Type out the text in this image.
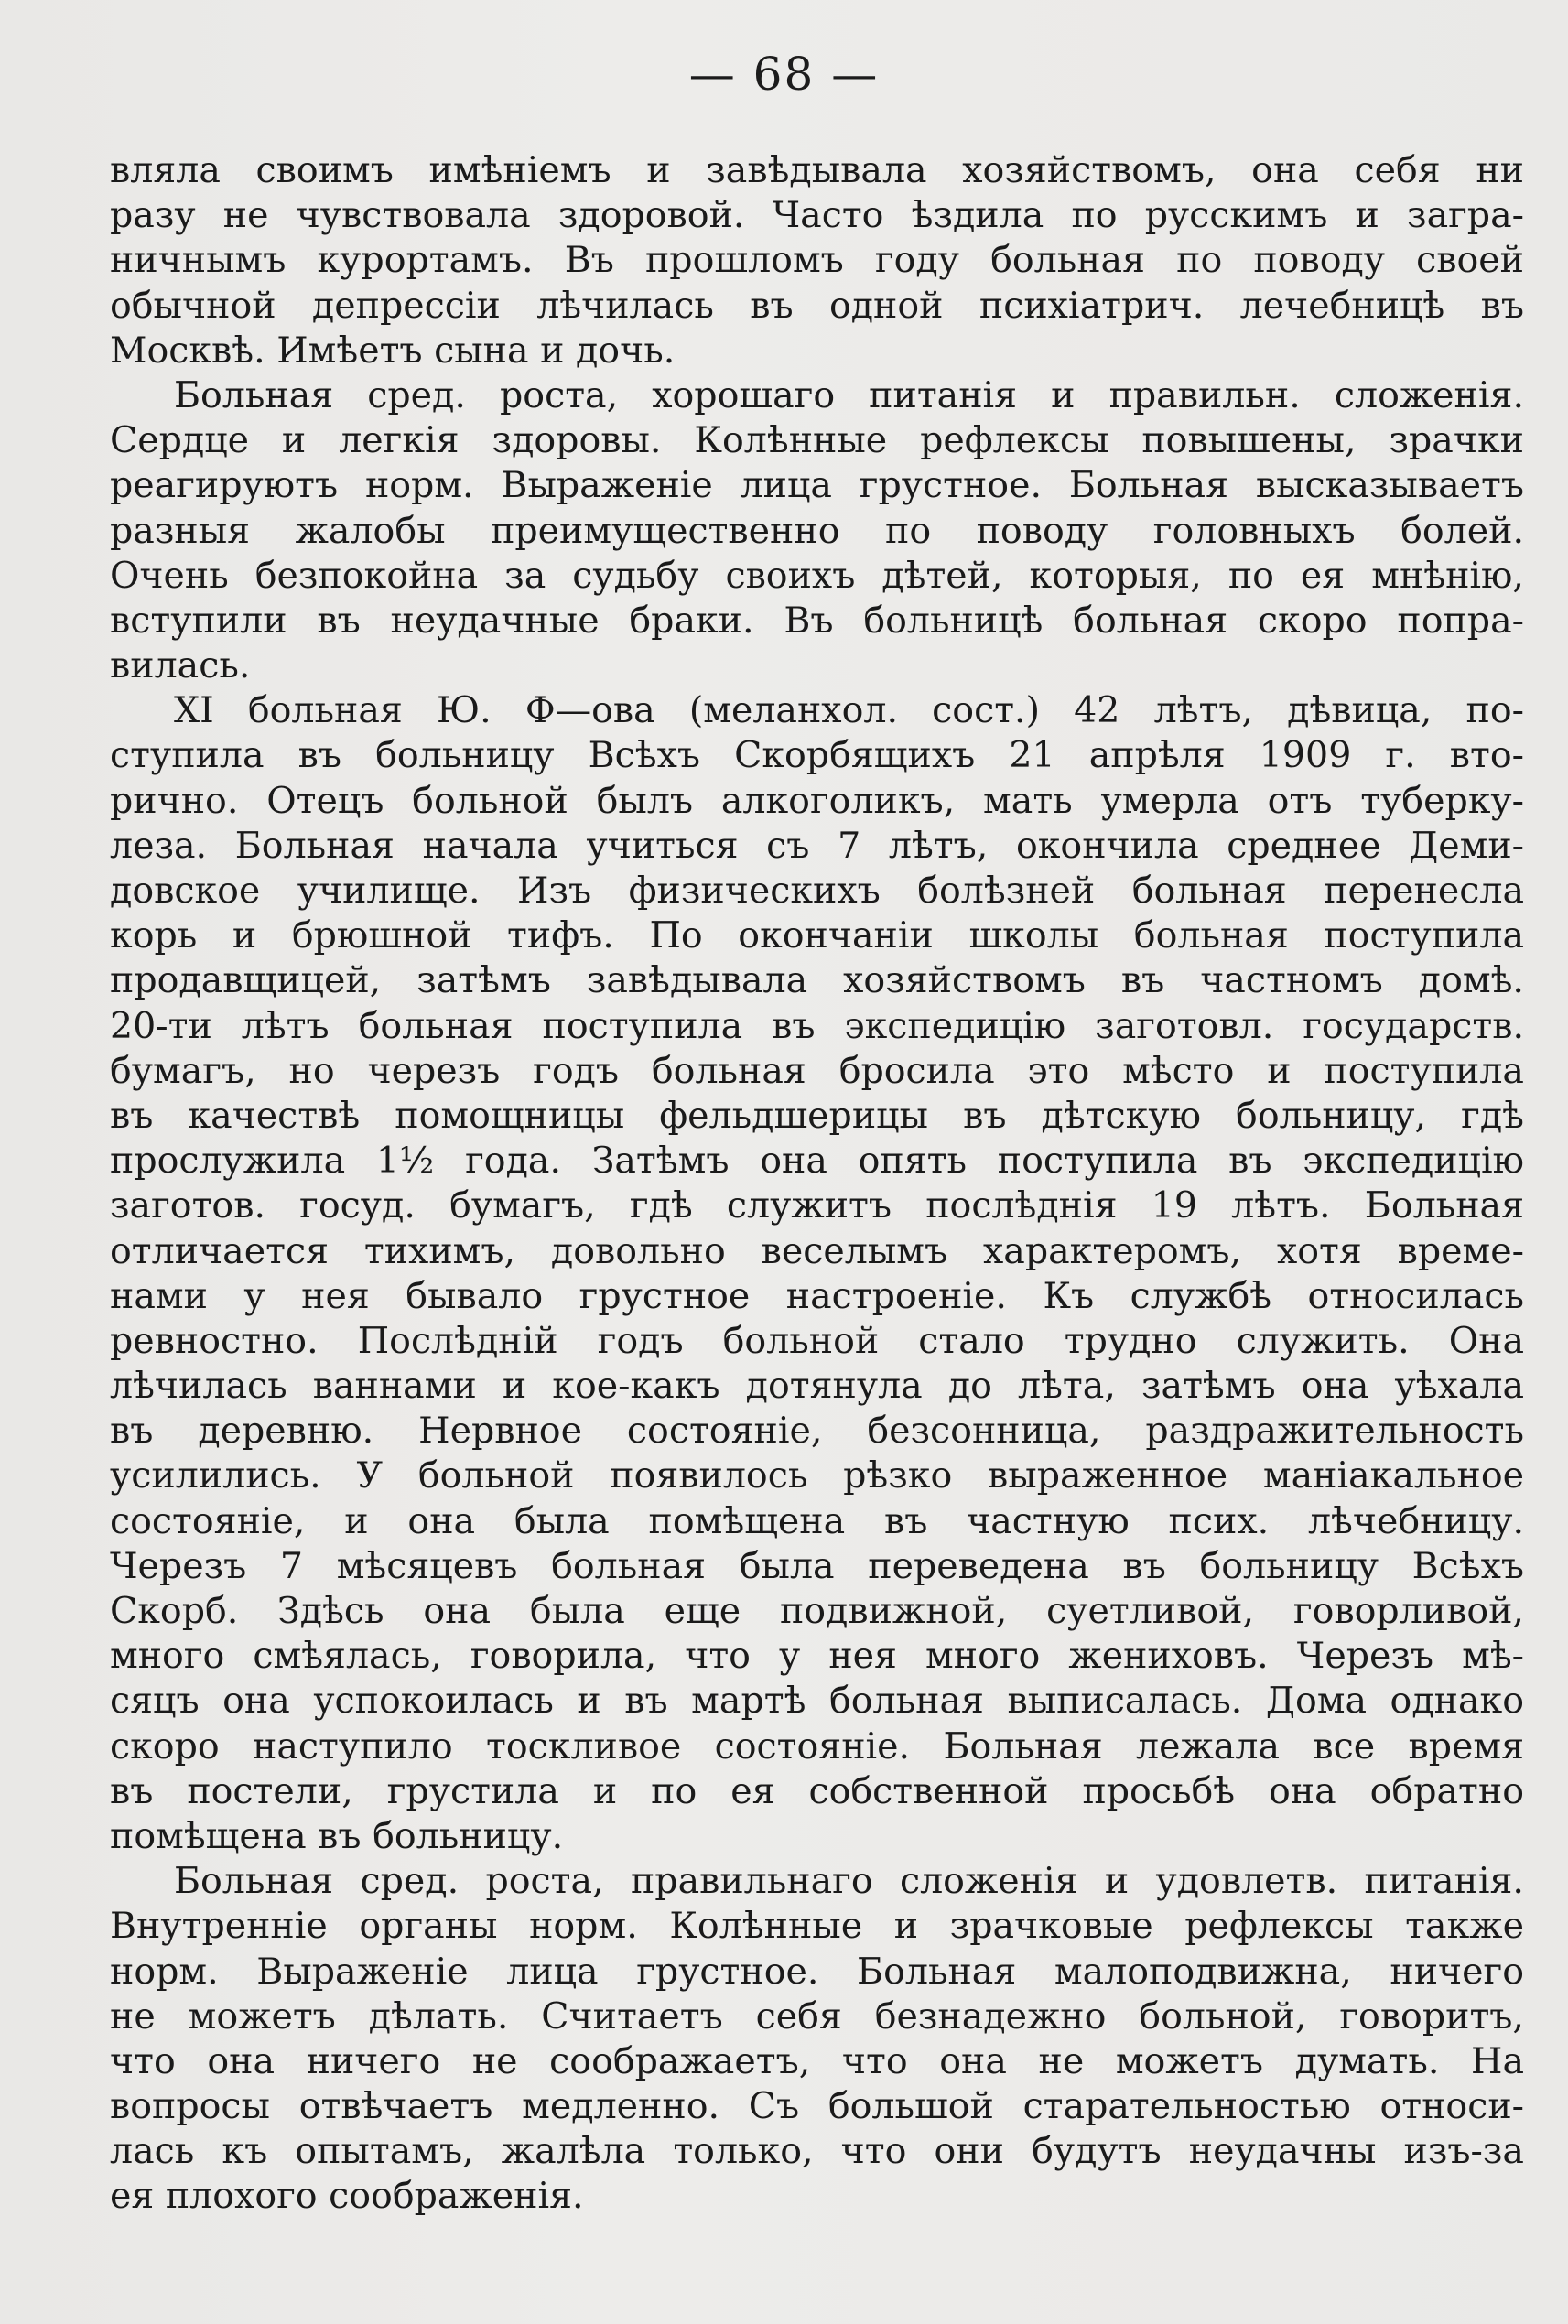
— 68 —
вляла своимъ имѣніемъ и завѣдывала хозяйствомъ, она себя ни
разу не чувствовала здоровой. Часто ѣздила по русскимъ и загра-
ничнымъ курортамъ. Въ прошломъ году больная по поводу своей
обычной депрессіи лѣчилась въ одной психіатрич. лечебницѣ въ
Москвѣ. Имѣетъ сына и дочь.
Больная сред. роста, хорошаго питанія и правильн. сложенія.
Сердце и легкія здоровы. Колѣнные рефлексы повышены, зрачки
реагируютъ норм. Выраженіе лица грустное. Больная высказываетъ
разныя жалобы преимущественно по поводу головныхъ болей.
Очень безпокойна за судьбу своихъ дѣтей, которыя, по ея мнѣнію,
вступили въ неудачные браки. Въ больницѣ больная скоро попра-
вилась.
XI больная Ю. Ф—ова (меланхол. сост.) 42 лѣтъ, дѣвица, по-
ступила въ больницу Всѣхъ Скорбящихъ 21 апрѣля 1909 г. вто-
рично. Отецъ больной былъ алкоголикъ, мать умерла отъ туберку-
леза. Больная начала учиться съ 7 лѣтъ, окончила среднее Деми-
довское училище. Изъ физическихъ болѣзней больная перенесла
корь и брюшной тифъ. По окончаніи школы больная поступила
продавщицей, затѣмъ завѣдывала хозяйствомъ въ частномъ домѣ.
20-ти лѣтъ больная поступила въ экспедицію заготовл. государств.
бумагъ, но черезъ годъ больная бросила это мѣсто и поступила
въ качествѣ помощницы фельдшерицы въ дѣтскую больницу, гдѣ
прослужила 1½ года. Затѣмъ она опять поступила въ экспедицію
заготов. госуд. бумагъ, гдѣ служитъ послѣднія 19 лѣтъ. Больная
отличается тихимъ, довольно веселымъ характеромъ, хотя време-
нами у нея бывало грустное настроеніе. Къ службѣ относилась
ревностно. Послѣдній годъ больной стало трудно служить. Она
лѣчилась ваннами и кое-какъ дотянула до лѣта, затѣмъ она уѣхала
въ деревню. Нервное состояніе, безсонница, раздражительность
усилились. У больной появилось рѣзко выраженное маніакальное
состояніе, и она была помѣщена въ частную псих. лѣчебницу.
Черезъ 7 мѣсяцевъ больная была переведена въ больницу Всѣхъ
Скорб. Здѣсь она была еще подвижной, суетливой, говорливой,
много смѣялась, говорила, что у нея много жениховъ. Черезъ мѣ-
сяцъ она успокоилась и въ мартѣ больная выписалась. Дома однако
скоро наступило тоскливое состояніе. Больная лежала все время
въ постели, грустила и по ея собственной просьбѣ она обратно
помѣщена въ больницу.
Больная сред. роста, правильнаго сложенія и удовлетв. питанія.
Внутренніе органы норм. Колѣнные и зрачковые рефлексы также
норм. Выраженіе лица грустное. Больная малоподвижна, ничего
не можетъ дѣлать. Считаетъ себя безнадежно больной, говоритъ,
что она ничего не соображаетъ, что она не можетъ думать. На
вопросы отвѣчаетъ медленно. Съ большой старательностью относи-
лась къ опытамъ, жалѣла только, что они будутъ неудачны изъ-за
ея плохого соображенія.
